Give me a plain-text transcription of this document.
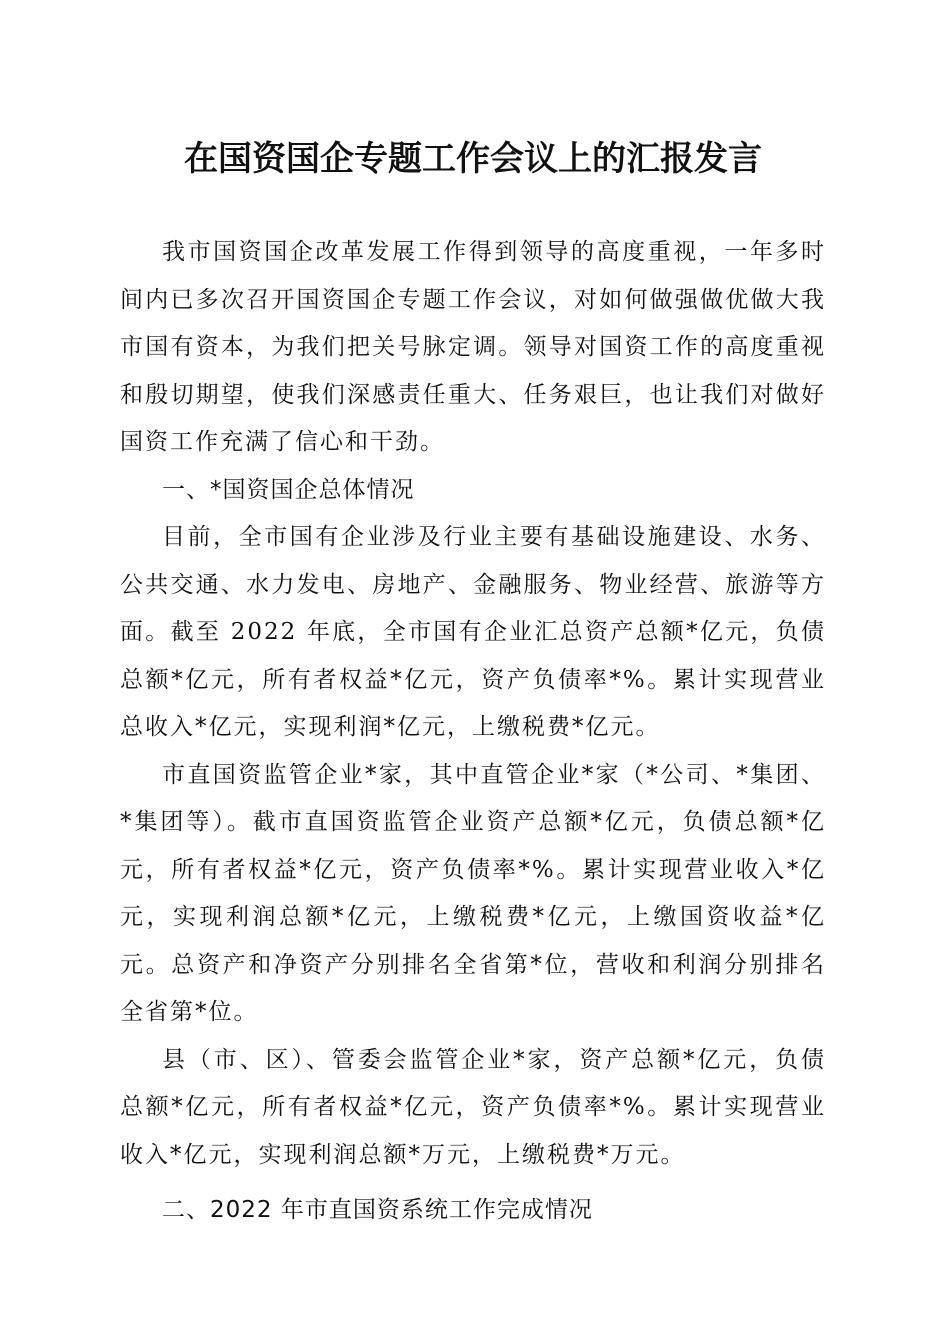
在国资国企专题工作会议上的汇报发言

我市国资国企改革发展工作得到领导的高度重视，一年多时间内已多次召开国资国企专题工作会议，对如何做强做优做大我市国有资本，为我们把关号脉定调。领导对国资工作的高度重视和殷切期望，使我们深感责任重大、任务艰巨，也让我们对做好国资工作充满了信心和干劲。

一、*国资国企总体情况

目前，全市国有企业涉及行业主要有基础设施建设、水务、公共交通、水力发电、房地产、金融服务、物业经营、旅游等方面。截至 2022 年底，全市国有企业汇总资产总额*亿元，负债总额*亿元，所有者权益*亿元，资产负债率*%。累计实现营业总收入*亿元，实现利润*亿元，上缴税费*亿元。

市直国资监管企业*家，其中直管企业*家（*公司、*集团、*集团等）。截市直国资监管企业资产总额*亿元，负债总额*亿元，所有者权益*亿元，资产负债率*%。累计实现营业收入*亿元，实现利润总额*亿元，上缴税费*亿元，上缴国资收益*亿元。总资产和净资产分别排名全省第*位，营收和利润分别排名全省第*位。

县（市、区）、管委会监管企业*家，资产总额*亿元，负债总额*亿元，所有者权益*亿元，资产负债率*%。累计实现营业收入*亿元，实现利润总额*万元，上缴税费*万元。

二、2022 年市直国资系统工作完成情况
